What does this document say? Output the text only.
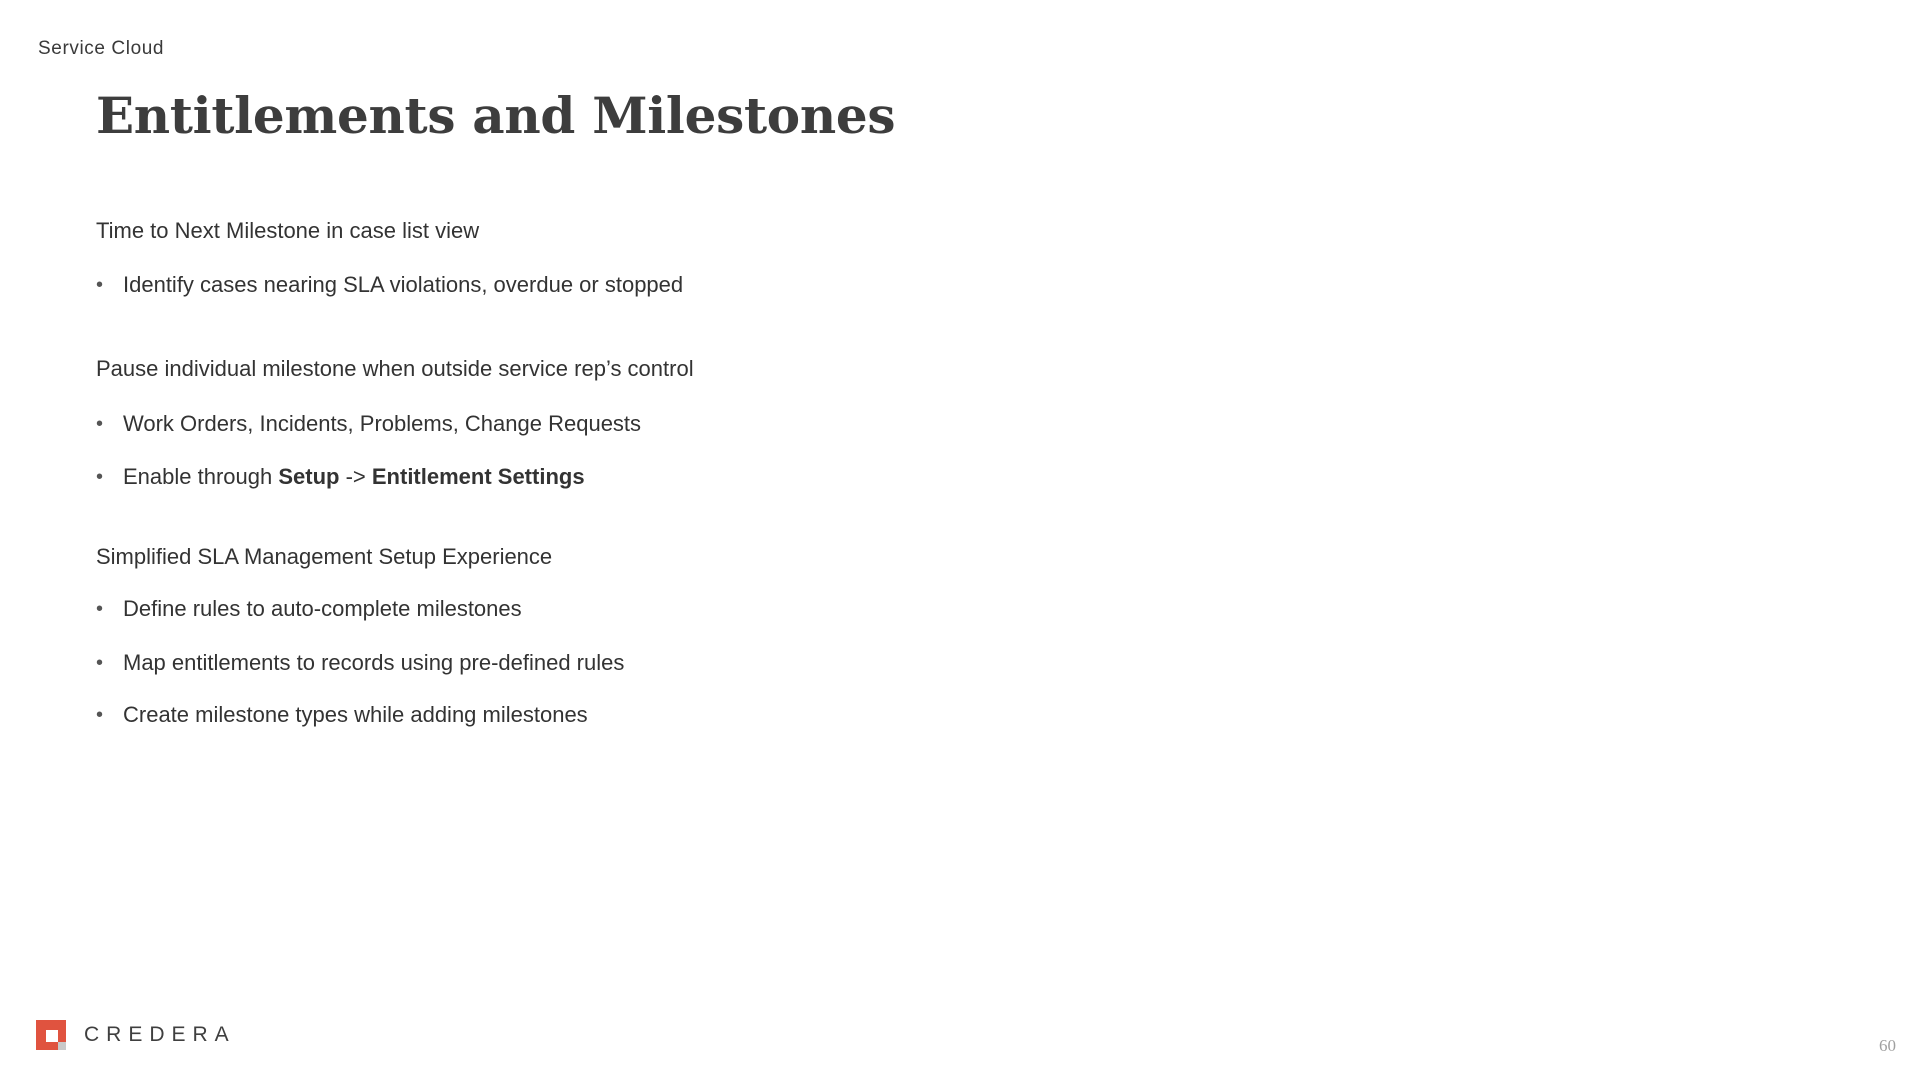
Service Cloud
Entitlements and Milestones

Time to Next Milestone in case list view

• Identify cases nearing SLA violations, overdue or stopped

Pause individual milestone when outside service rep’s control

• Work Orders, Incidents, Problems, Change Requests
• Enable through Setup -> Entitlement Settings

Simplified SLA Management Setup Experience

• Define rules to auto-complete milestones
• Map entitlements to records using pre-defined rules
• Create milestone types while adding milestones
CREDERA	60
